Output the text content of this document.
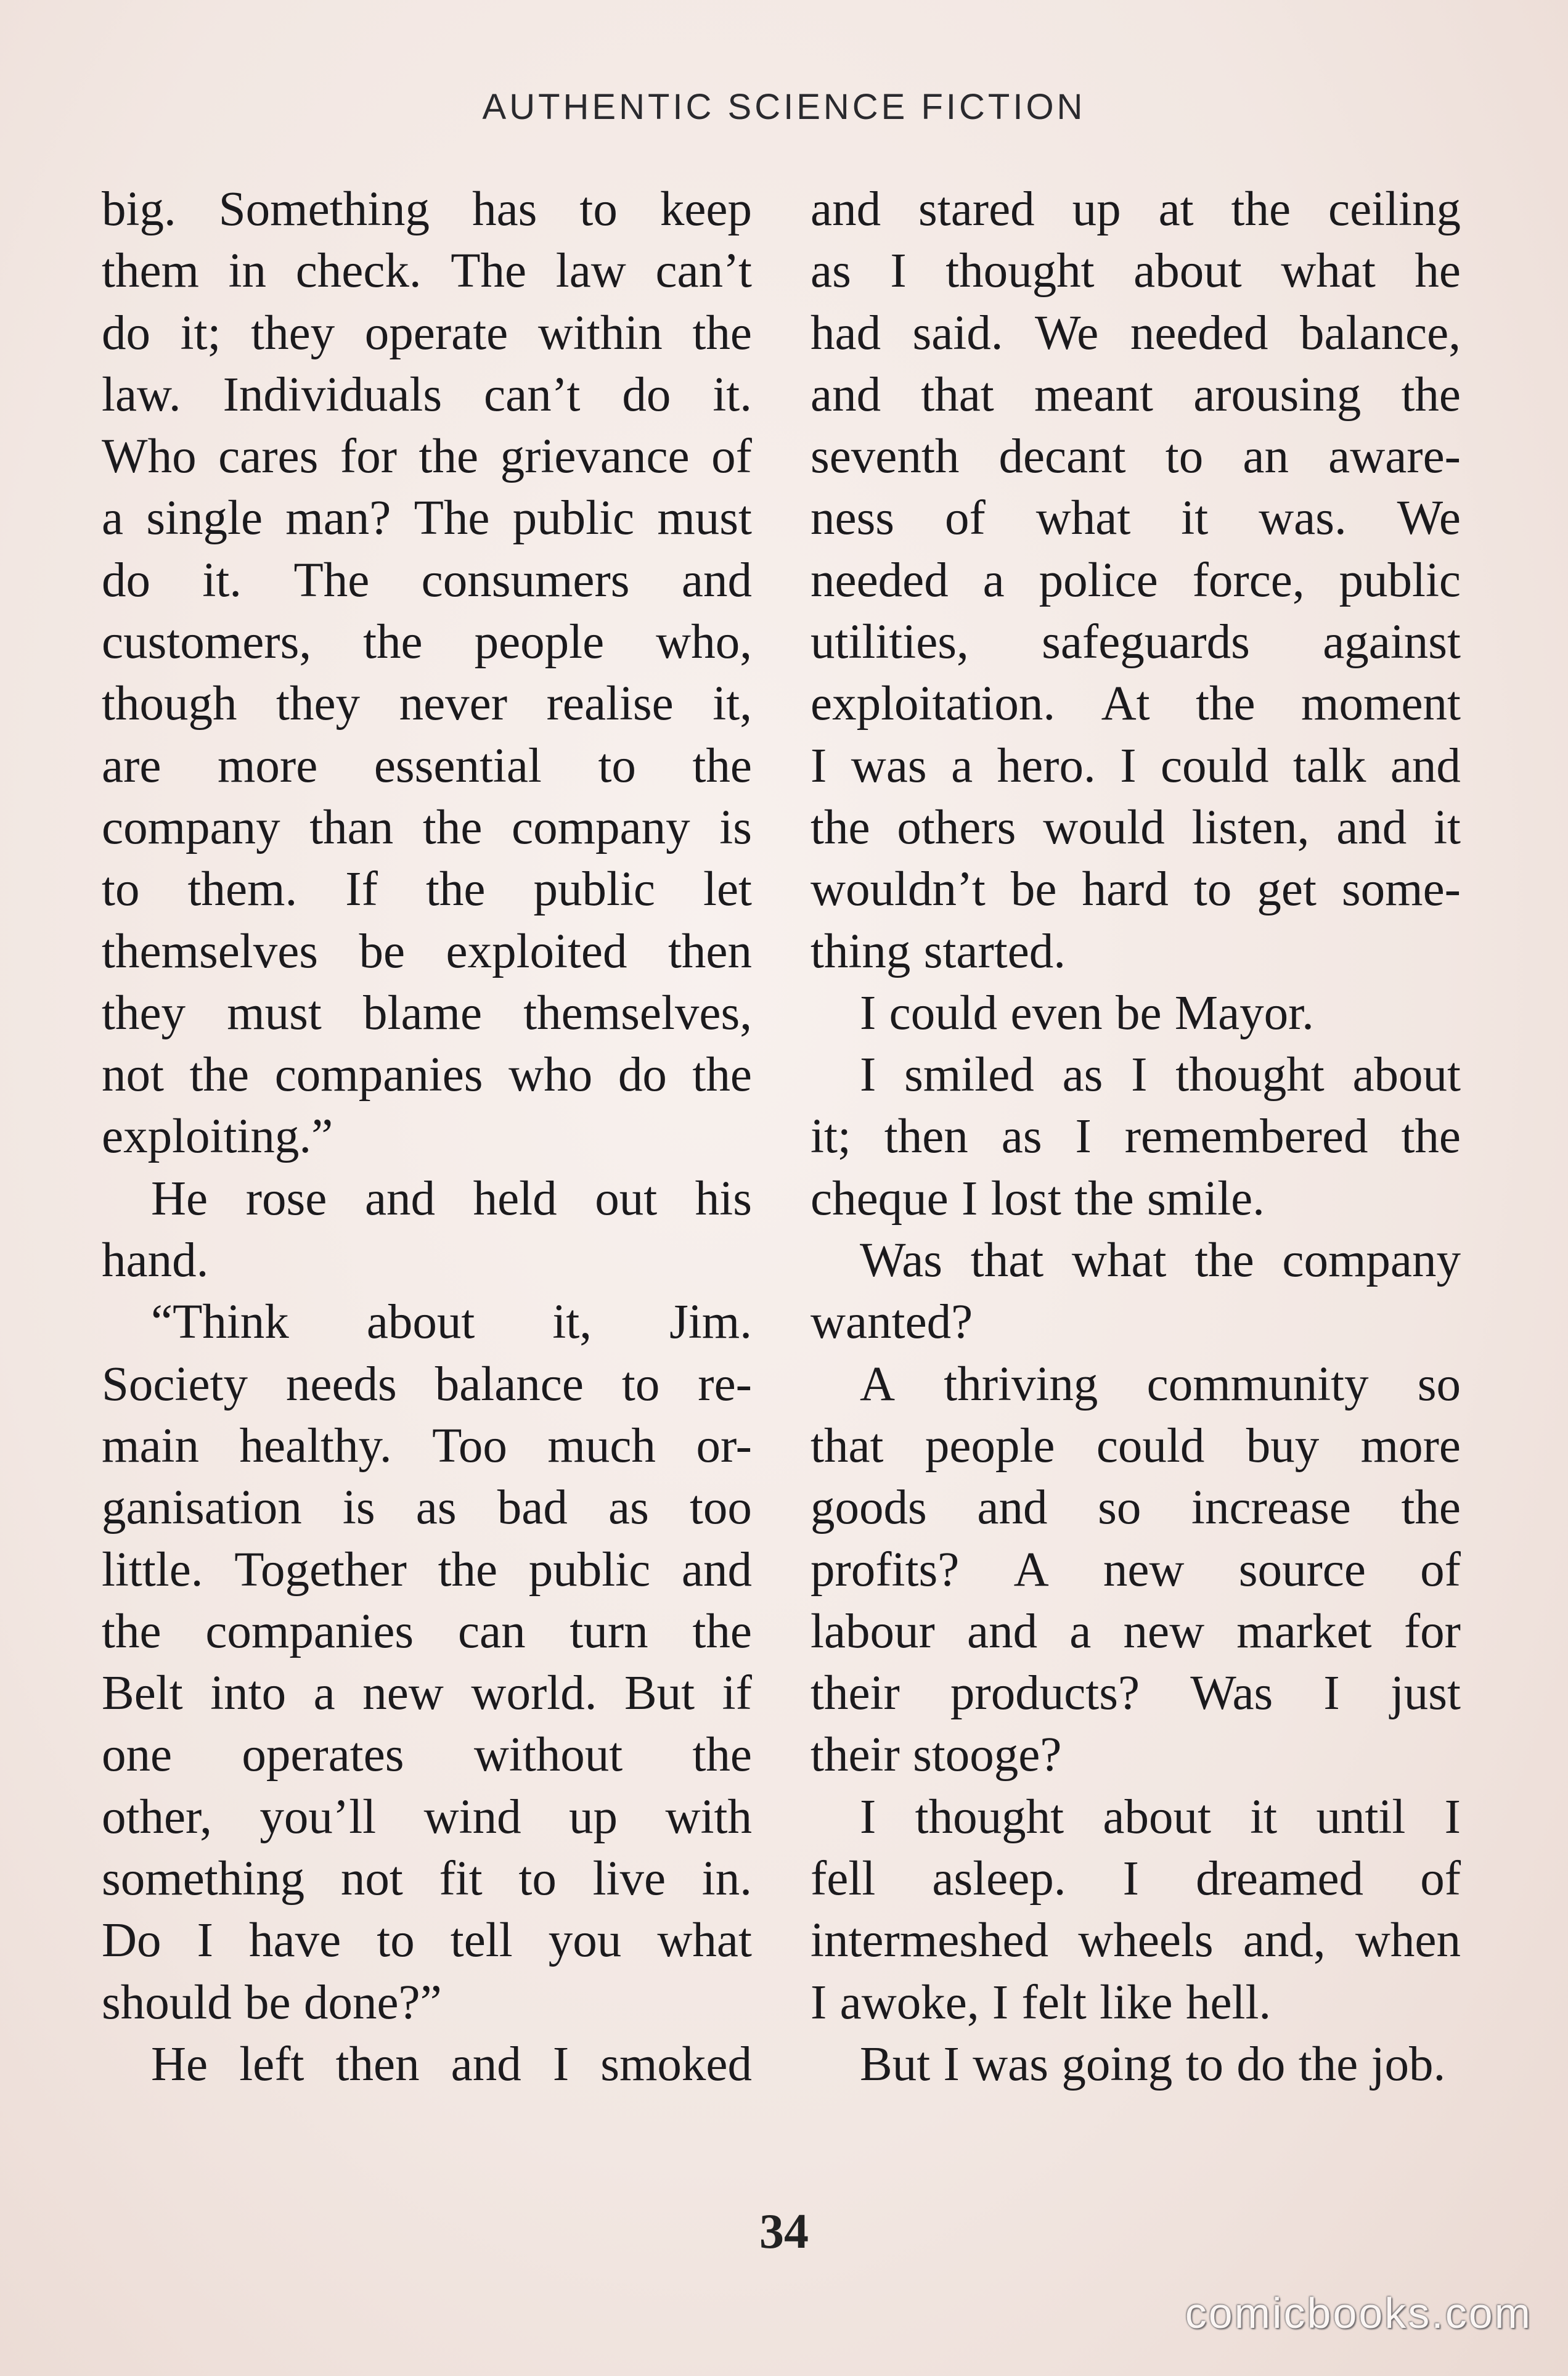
AUTHENTIC SCIENCE FICTION
big. Something has to keep
them in check. The law can’t
do it; they operate within the
law. Individuals can’t do it.
Who cares for the grievance of
a single man? The public must
do it. The consumers and
customers, the people who,
though they never realise it,
are more essential to the
company than the company is
to them. If the public let
themselves be exploited then
they must blame themselves,
not the companies who do the
exploiting.”
He rose and held out his
hand.
“Think about it, Jim.
Society needs balance to re-
main healthy. Too much or-
ganisation is as bad as too
little. Together the public and
the companies can turn the
Belt into a new world. But if
one operates without the
other, you’ll wind up with
something not fit to live in.
Do I have to tell you what
should be done?”
He left then and I smoked
and stared up at the ceiling
as I thought about what he
had said. We needed balance,
and that meant arousing the
seventh decant to an aware-
ness of what it was. We
needed a police force, public
utilities, safeguards against
exploitation. At the moment
I was a hero. I could talk and
the others would listen, and it
wouldn’t be hard to get some-
thing started.
I could even be Mayor.
I smiled as I thought about
it; then as I remembered the
cheque I lost the smile.
Was that what the company
wanted?
A thriving community so
that people could buy more
goods and so increase the
profits? A new source of
labour and a new market for
their products? Was I just
their stooge?
I thought about it until I
fell asleep. I dreamed of
intermeshed wheels and, when
I awoke, I felt like hell.
But I was going to do the job.
34
comicbooks.com
